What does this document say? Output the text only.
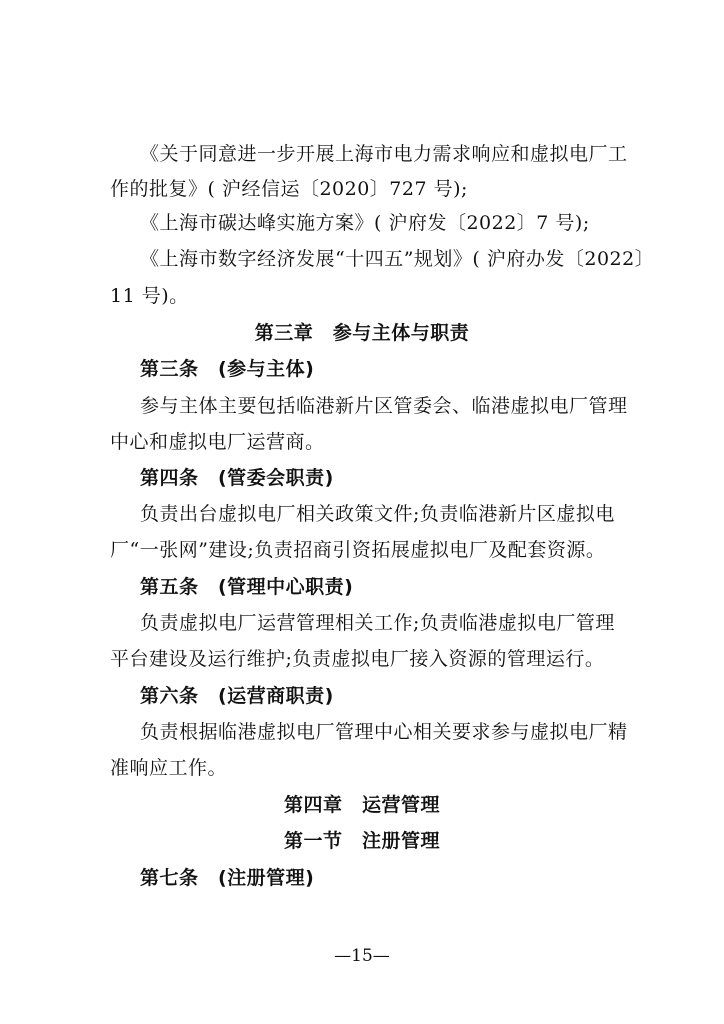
《关于同意进一步开展上海市电力需求响应和虚拟电厂工
作的批复》( 沪经信运〔2020〕727 号);
《上海市碳达峰实施方案》( 沪府发〔2022〕7 号);
《上海市数字经济发展“十四五”规划》( 沪府办发〔2022〕
11 号)。
第三章　参与主体与职责
第三条　(参与主体)
参与主体主要包括临港新片区管委会、临港虚拟电厂管理
中心和虚拟电厂运营商。
第四条　(管委会职责)
负责出台虚拟电厂相关政策文件;负责临港新片区虚拟电
厂“一张网”建设;负责招商引资拓展虚拟电厂及配套资源。
第五条　(管理中心职责)
负责虚拟电厂运营管理相关工作;负责临港虚拟电厂管理
平台建设及运行维护;负责虚拟电厂接入资源的管理运行。
第六条　(运营商职责)
负责根据临港虚拟电厂管理中心相关要求参与虚拟电厂精
准响应工作。
第四章　运营管理
第一节　注册管理
第七条　(注册管理)
—15—
